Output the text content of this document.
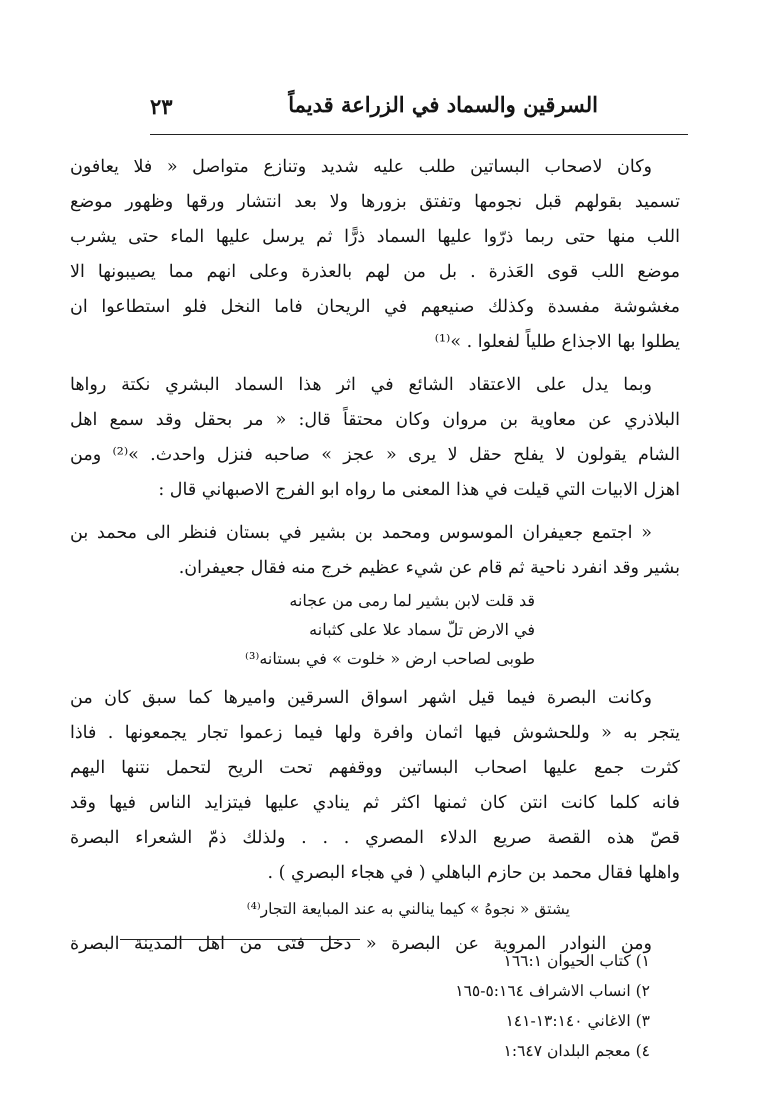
السرقين والسماد في الزراعة قديماً
٢٣
وكان لاصحاب البساتين طلب عليه شديد وتنازع متواصل « فلا يعافون
تسميد بقولهم قبل نجومها وتفتق بزورها ولا بعد انتشار ورقها وظهور موضع
اللب منها حتى ربما ذرّوا عليها السماد ذرًّا ثم يرسل عليها الماء حتى يشرب
موضع اللب قوى العَذرة . بل من لهم بالعذرة وعلى انهم مما يصيبونها الا
مغشوشة مفسدة وكذلك صنيعهم في الريحان فاما النخل فلو استطاعوا ان
يطلوا بها الاجذاع طلياً لفعلوا . »⁽¹⁾
وبما يدل على الاعتقاد الشائع في اثر هذا السماد البشري نكتة رواها
البلاذري عن معاوية بن مروان وكان محتقاً قال: « مر بحقل وقد سمع اهل
الشام يقولون لا يفلح حقل لا يرى « عجز » صاحبه فنزل واحدث. »⁽²⁾ ومن
اهزل الابيات التي قيلت في هذا المعنى ما رواه ابو الفرج الاصبهاني قال :
« اجتمع جعيفران الموسوس ومحمد بن بشير في بستان فنظر الى محمد بن
بشير وقد انفرد ناحية ثم قام عن شيء عظيم خرج منه فقال جعيفران.
قد قلت لابن بشير لما رمى من عجانه
في الارض تلّ سماد علا على كثبانه
طوبى لصاحب ارض « خلوت » في بستانه⁽³⁾
وكانت البصرة فيما قيل اشهر اسواق السرقين واميرها كما سبق كان من
يتجر به « وللحشوش فيها اثمان وافرة ولها فيما زعموا تجار يجمعونها . فاذا
كثرت جمع عليها اصحاب البساتين ووقفهم تحت الريح لتحمل نتنها اليهم
فانه كلما كانت انتن كان ثمنها اكثر ثم ينادي عليها فيتزايد الناس فيها وقد
قصّ هذه القصة صريع الدلاء المصري . . . ولذلك ذمّ الشعراء البصرة
واهلها فقال محمد بن حازم الباهلي ( في هجاء البصري ) .
يشتق « نجوهُ » كيما ينالني به عند المبايعة التجار⁽⁴⁾
ومن النوادر المروية عن البصرة « دخل فتى من اهل المدينة البصرة
١) كتاب الحيوان ١٦٦:١
٢) انساب الاشراف ٥:١٦٤-١٦٥
٣) الاغاني ١٣:١٤٠-١٤١
٤) معجم البلدان ١:٦٤٧
